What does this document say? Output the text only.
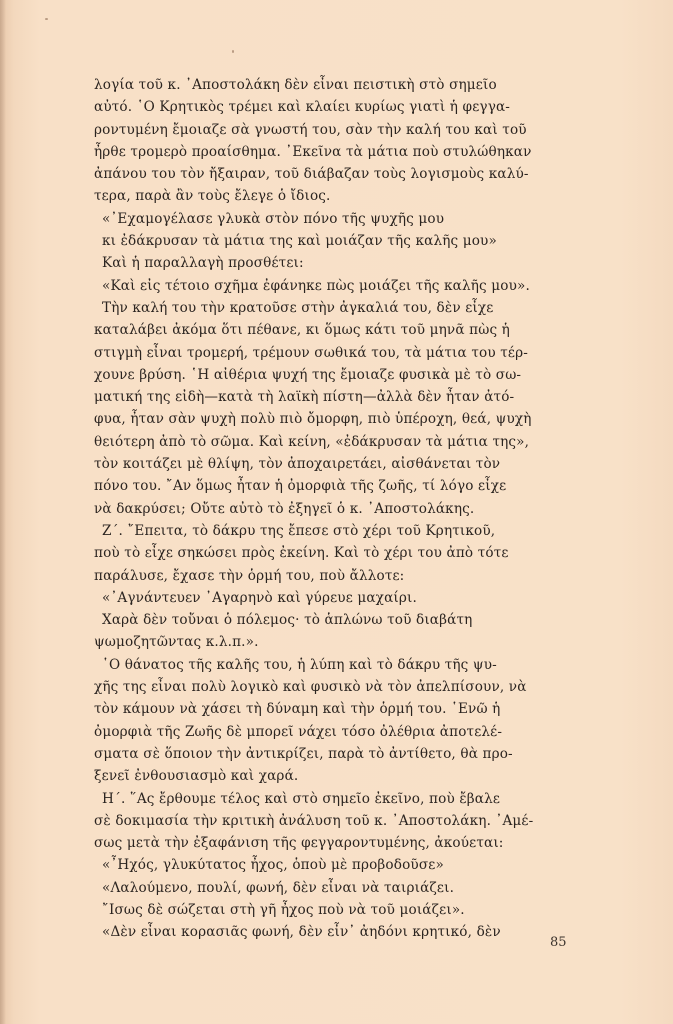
λογία τοῦ κ. ᾿Αποστολάκη δὲν εἶναι πειστικὴ στὸ σημεῖο
αὐτό. ῾Ο Κρητικὸς τρέμει καὶ κλαίει κυρίως γιατὶ ἡ φεγγα-
ροντυμένη ἔμοιαζε σὰ γνωστή του, σὰν τὴν καλή του καὶ τοῦ
ἦρθε τρομερὸ προαίσθημα. ᾿Εκεῖνα τὰ μάτια ποὺ στυλώθηκαν
ἀπάνου του τὸν ἤξαιραν, τοῦ διάβαζαν τοὺς λογισμοὺς καλύ-
τερα, παρὰ ἂν τοὺς ἔλεγε ὁ ἴδιος.
«᾿Εχαμογέλασε γλυκὰ στὸν πόνο τῆς ψυχῆς μου
κι ἐδάκρυσαν τὰ μάτια της καὶ μοιάζαν τῆς καλῆς μου»
Καὶ ἡ παραλλαγὴ προσθέτει:
«Καὶ εἰς τέτοιο σχῆμα ἐφάνηκε πὼς μοιάζει τῆς καλῆς μου».
Τὴν καλή του τὴν κρατοῦσε στὴν ἀγκαλιά του, δὲν εἶχε
καταλάβει ἀκόμα ὅτι πέθανε, κι ὅμως κάτι τοῦ μηνᾶ πὼς ἡ
στιγμὴ εἶναι τρομερή, τρέμουν σωθικά του, τὰ μάτια του τέρ-
χουνε βρύση. ῾Η αἰθέρια ψυχή της ἔμοιαζε φυσικὰ μὲ τὸ σω-
ματική της εἰδὴ—κατὰ τὴ λαϊκὴ πίστη—ἀλλὰ δὲν ἦταν ἀτό-
φυα, ἦταν σὰν ψυχὴ πολὺ πιὸ ὄμορφη, πιὸ ὑπέροχη, θεά, ψυχὴ
θειότερη ἀπὸ τὸ σῶμα. Καὶ κείνη, «ἐδάκρυσαν τὰ μάτια της»,
τὸν κοιτάζει μὲ θλίψη, τὸν ἀποχαιρετάει, αἰσθάνεται τὸν
πόνο του. ῎Αν ὅμως ἦταν ἡ ὀμορφιὰ τῆς ζωῆς, τί λόγο εἶχε
νὰ δακρύσει; Οὔτε αὐτὸ τὸ ἐξηγεῖ ὁ κ. ᾿Αποστολάκης.
Ζ΄. ῎Επειτα, τὸ δάκρυ της ἔπεσε στὸ χέρι τοῦ Κρητικοῦ,
ποὺ τὸ εἶχε σηκώσει πρὸς ἐκείνη. Καὶ τὸ χέρι του ἀπὸ τότε
παράλυσε, ἔχασε τὴν ὁρμή του, ποὺ ἄλλοτε:
«᾿Αγνάντευεν ᾿Αγαρηνὸ καὶ γύρευε μαχαίρι.
Χαρὰ δὲν τοὔναι ὁ πόλεμος· τὸ ἁπλώνω τοῦ διαβάτη
ψωμοζητῶντας κ.λ.π.».
῾Ο θάνατος τῆς καλῆς του, ἡ λύπη καὶ τὸ δάκρυ τῆς ψυ-
χῆς της εἶναι πολὺ λογικὸ καὶ φυσικὸ νὰ τὸν ἀπελπίσουν, νὰ
τὸν κάμουν νὰ χάσει τὴ δύναμη καὶ τὴν ὁρμή του. ῾Ενῶ ἡ
ὀμορφιὰ τῆς Ζωῆς δὲ μπορεῖ νάχει τόσο ὀλέθρια ἀποτελέ-
σματα σὲ ὅποιον τὴν ἀντικρίζει, παρὰ τὸ ἀντίθετο, θὰ προ-
ξενεῖ ἐνθουσιασμὸ καὶ χαρά.
Η΄. ῞Ας ἔρθουμε τέλος καὶ στὸ σημεῖο ἐκεῖνο, ποὺ ἔβαλε
σὲ δοκιμασία τὴν κριτικὴ ἀνάλυση τοῦ κ. ᾿Αποστολάκη. ᾿Αμέ-
σως μετὰ τὴν ἐξαφάνιση τῆς φεγγαροντυμένης, ἀκούεται:
«῏Ηχός, γλυκύτατος ἦχος, ὁποὺ μὲ προβοδοῦσε»
«Λαλούμενο, πουλί, φωνή, δὲν εἶναι νὰ ταιριάζει.
῎Ισως δὲ σώζεται στὴ γῆ ἦχος ποὺ νὰ τοῦ μοιάζει».
«Δὲν εἶναι κορασιᾶς φωνή, δὲν εἶν᾿ ἀηδόνι κρητικό, δὲν
85
